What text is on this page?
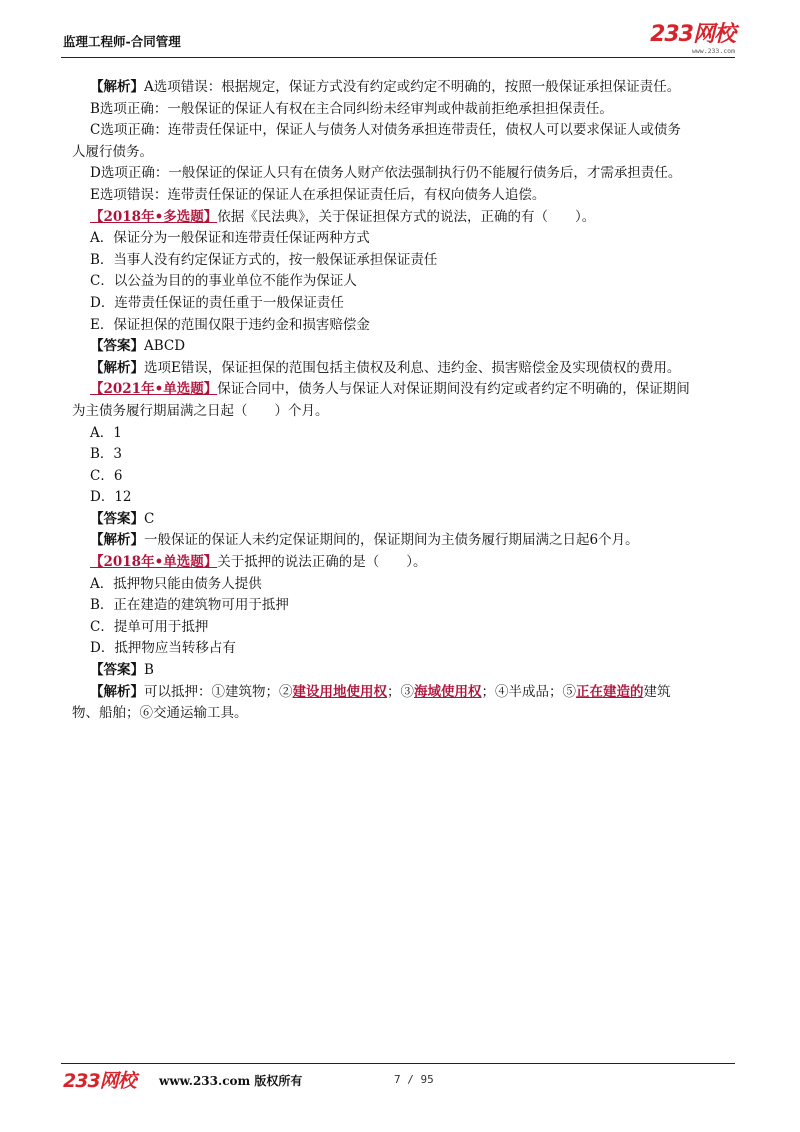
监理工程师-合同管理	233网校
www.233.com
【解析】A选项错误：根据规定，保证方式没有约定或约定不明确的，按照一般保证承担保证责任。
B选项正确：一般保证的保证人有权在主合同纠纷未经审判或仲裁前拒绝承担担保责任。
C选项正确：连带责任保证中，保证人与债务人对债务承担连带责任，债权人可以要求保证人或债务
人履行债务。
D选项正确：一般保证的保证人只有在债务人财产依法强制执行仍不能履行债务后，才需承担责任。
E选项错误：连带责任保证的保证人在承担保证责任后，有权向债务人追偿。
【2018年•多选题】依据《民法典》，关于保证担保方式的说法，正确的有（　　）。
A．保证分为一般保证和连带责任保证两种方式
B．当事人没有约定保证方式的，按一般保证承担保证责任
C．以公益为目的的事业单位不能作为保证人
D．连带责任保证的责任重于一般保证责任
E．保证担保的范围仅限于违约金和损害赔偿金
【答案】ABCD
【解析】选项E错误，保证担保的范围包括主债权及利息、违约金、损害赔偿金及实现债权的费用。
【2021年•单选题】保证合同中，债务人与保证人对保证期间没有约定或者约定不明确的，保证期间
为主债务履行期届满之日起（　　）个月。
A．1
B．3
C．6
D．12
【答案】C
【解析】一般保证的保证人未约定保证期间的，保证期间为主债务履行期届满之日起6个月。
【2018年•单选题】关于抵押的说法正确的是（　　）。
A．抵押物只能由债务人提供
B．正在建造的建筑物可用于抵押
C．提单可用于抵押
D．抵押物应当转移占有
【答案】B
【解析】可以抵押：①建筑物；②建设用地使用权；③海域使用权；④半成品；⑤正在建造的建筑
物、船舶；⑥交通运输工具。
233网校 www.233.com 版权所有	7 / 95
